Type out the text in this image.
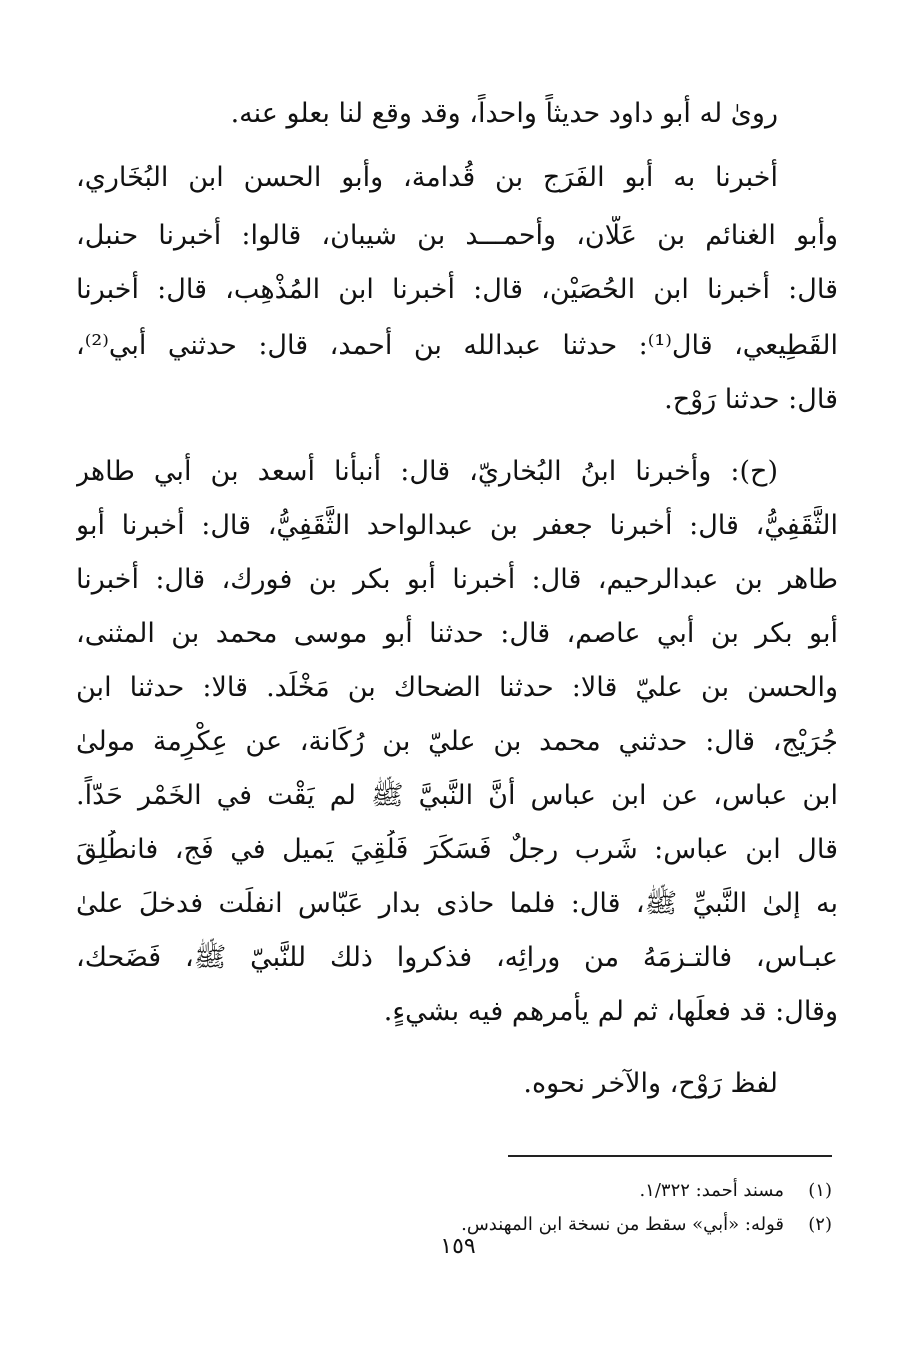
رویٰ له أبو داود حديثاً واحداً، وقد وقع لنا بعلو عنه.
أخبرنا به أبو الفَرَج بن قُدامة، وأبو الحسن ابن البُخَاري،
وأبو الغنائم بن عَلّان، وأحمـــد بن شيبان، قالوا: أخبرنا حنبل،
قال: أخبرنا ابن الحُصَيْن، قال: أخبرنا ابن المُذْهِب، قال: أخبرنا
القَطِيعي، قال⁽¹⁾: حدثنا عبدالله بن أحمد، قال: حدثني أبي⁽²⁾،
قال: حدثنا رَوْح.
(ح): وأخبرنا ابنُ البُخاريّ، قال: أنبأنا أسعد بن أبي طاهر
الثَّقَفِيُّ، قال: أخبرنا جعفر بن عبدالواحد الثَّقَفِيُّ، قال: أخبرنا أبو
طاهر بن عبدالرحيم، قال: أخبرنا أبو بكر بن فورك، قال: أخبرنا
أبو بكر بن أبي عاصم، قال: حدثنا أبو موسى محمد بن المثنى،
والحسن بن عليّ قالا: حدثنا الضحاك بن مَخْلَد. قالا: حدثنا ابن
جُرَيْج، قال: حدثني محمد بن عليّ بن رُكَانة، عن عِكْرِمة مولىٰ
ابن عباس، عن ابن عباس أنَّ النَّبيَّ ﷺ لم يَقْت في الخَمْر حَدّاً.
قال ابن عباس: شَرب رجلٌ فَسَكَرَ فَلُقِيَ يَميل في فَج، فانطُلِقَ
به إلىٰ النَّبيِّ ﷺ، قال: فلما حاذى بدار عَبّاس انفلَت فدخلَ علىٰ
عبـاس، فالتـزمَهُ من ورائِه، فذكروا ذلك للنَّبيّ ﷺ، فَضَحك،
وقال: قد فعلَها، ثم لم يأمرهم فيه بشيءٍ.
لفظ رَوْح، والآخر نحوه.
(١)مسند أحمد: ١/٣٢٢.
(٢)قوله: «أبي» سقط من نسخة ابن المهندس.
١٥٩
